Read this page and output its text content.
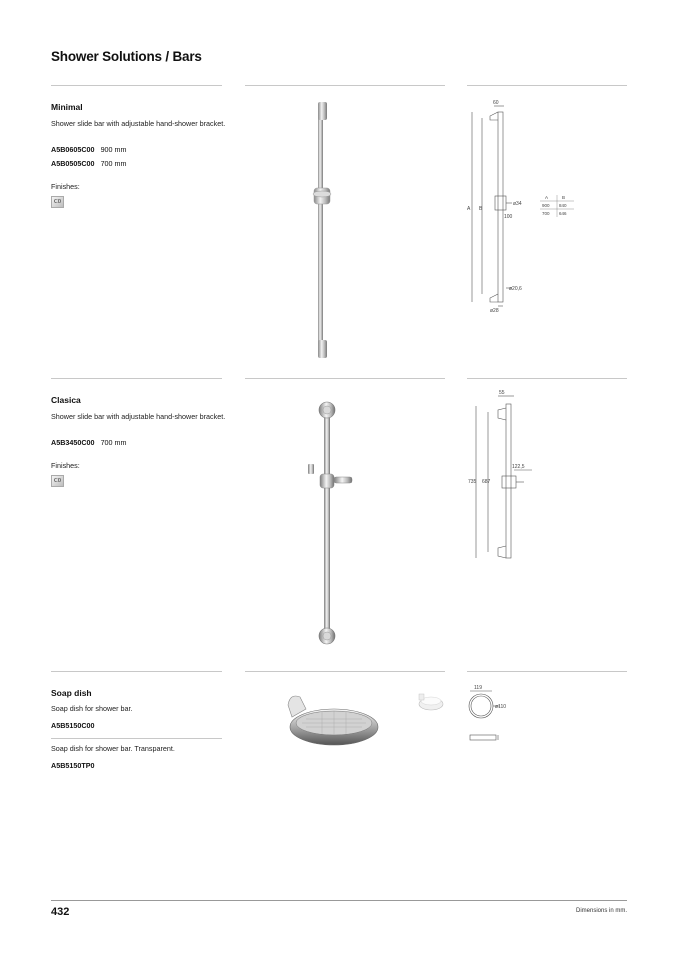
Shower Solutions / Bars
Minimal
Shower slide bar with adjustable hand-shower bracket.
A5B0605C00 900 mm
A5B0505C00 700 mm
Finishes:
C0
60
ø34
100
ø20,6
ø28
A B
A	B
900 840
700 646
Clasica
Shower slide bar with adjustable hand-shower bracket.
A5B3450C00 700 mm
Finishes:
C0
55
122,5
735 687
Soap dish
Soap dish for shower bar.
A5B5150C00
Soap dish for shower bar. Transparent.
A5B5150TP0
119
ø110
432	Dimensions in mm.
